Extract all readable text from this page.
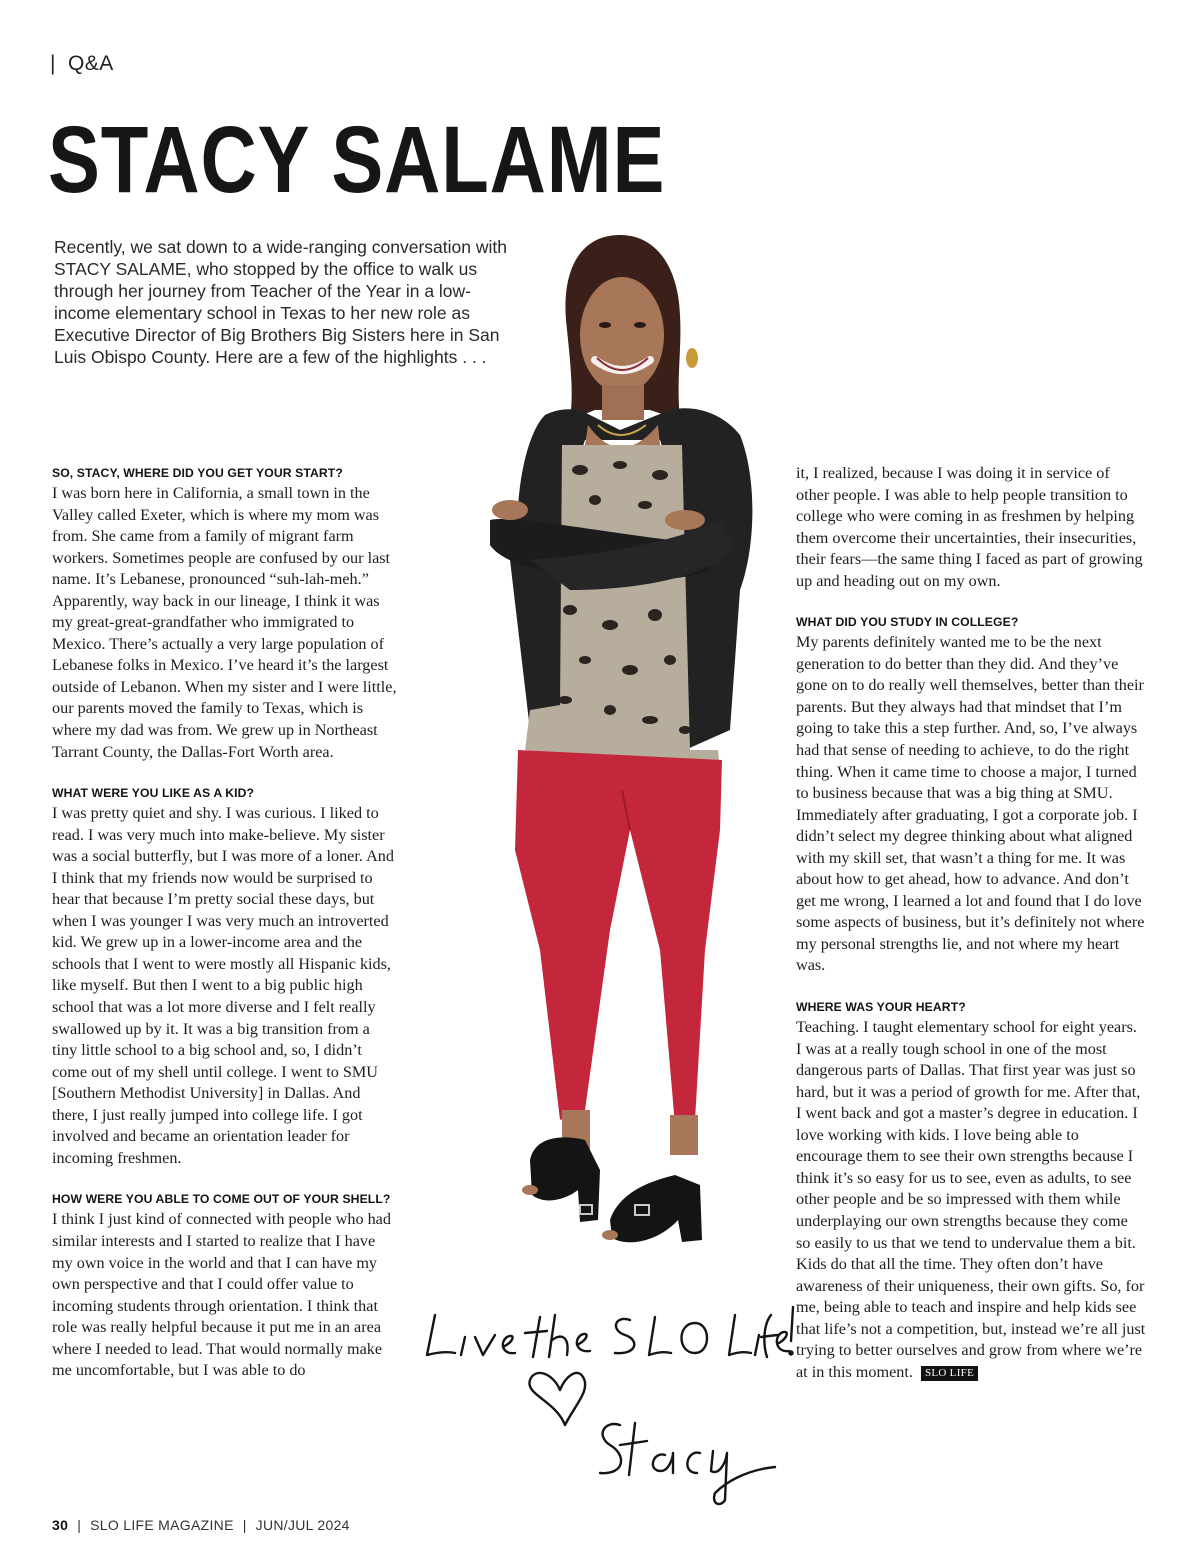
| Q&A
STACY SALAME

Recently, we sat down to a wide-ranging conversation with STACY SALAME, who stopped by the office to walk us through her journey from Teacher of the Year in a low-income elementary school in Texas to her new role as Executive Director of Big Brothers Big Sisters here in San Luis Obispo County. Here are a few of the highlights . . .

Live the SLO Life!

SO, STACY, WHERE DID YOU GET YOUR START?

I was born here in California, a small town in the Valley called Exeter, which is where my mom was from. She came from a family of migrant farm workers. Sometimes people are confused by our last name. It’s Lebanese, pronounced “suh-lah-meh.” Apparently, way back in our lineage, I think it was my great-great-grandfather who immigrated to Mexico. There’s actually a very large population of Lebanese folks in Mexico. I’ve heard it’s the largest outside of Lebanon. When my sister and I were little, our parents moved the family to Texas, which is where my dad was from. We grew up in Northeast Tarrant County, the Dallas-Fort Worth area.

WHAT WERE YOU LIKE AS A KID?

I was pretty quiet and shy. I was curious. I liked to read. I was very much into make-believe. My sister was a social butterfly, but I was more of a loner. And I think that my friends now would be surprised to hear that because I’m pretty social these days, but when I was younger I was very much an introverted kid. We grew up in a lower-income area and the schools that I went to were mostly all Hispanic kids, like myself. But then I went to a big public high school that was a lot more diverse and I felt really swallowed up by it. It was a big transition from a tiny little school to a big school and, so, I didn’t come out of my shell until college. I went to SMU [Southern Methodist University] in Dallas. And there, I just really jumped into college life. I got involved and became an orientation leader for incoming freshmen.

HOW WERE YOU ABLE TO COME OUT OF YOUR SHELL?

I think I just kind of connected with people who had similar interests and I started to realize that I have my own voice in the world and that I can have my own perspective and that I could offer value to incoming students through orientation. I think that role was really helpful because it put me in an area where I needed to lead. That would normally make me uncomfortable, but I was able to do

it, I realized, because I was doing it in service of other people. I was able to help people transition to college who were coming in as freshmen by helping them overcome their uncertainties, their insecurities, their fears—the same thing I faced as part of growing up and heading out on my own.

WHAT DID YOU STUDY IN COLLEGE?

My parents definitely wanted me to be the next generation to do better than they did. And they’ve gone on to do really well themselves, better than their parents. But they always had that mindset that I’m going to take this a step further. And, so, I’ve always had that sense of needing to achieve, to do the right thing. When it came time to choose a major, I turned to business because that was a big thing at SMU. Immediately after graduating, I got a corporate job. I didn’t select my degree thinking about what aligned with my skill set, that wasn’t a thing for me. It was about how to get ahead, how to advance. And don’t get me wrong, I learned a lot and found that I do love some aspects of business, but it’s definitely not where my personal strengths lie, and not where my heart was.

WHERE WAS YOUR HEART?

Teaching. I taught elementary school for eight years. I was at a really tough school in one of the most dangerous parts of Dallas. That first year was just so hard, but it was a period of growth for me. After that, I went back and got a master’s degree in education. I love working with kids. I love being able to encourage them to see their own strengths because I think it’s so easy for us to see, even as adults, to see other people and be so impressed with them while underplaying our own strengths because they come so easily to us that we tend to undervalue them a bit. Kids do that all the time. They often don’t have awareness of their uniqueness, their own gifts. So, for me, being able to teach and inspire and help kids see that life’s not a competition, but, instead we’re all just trying to better ourselves and grow from where we’re at in this moment. SLO LIFE

30 | SLO LIFE MAGAZINE | JUN/JUL 2024
